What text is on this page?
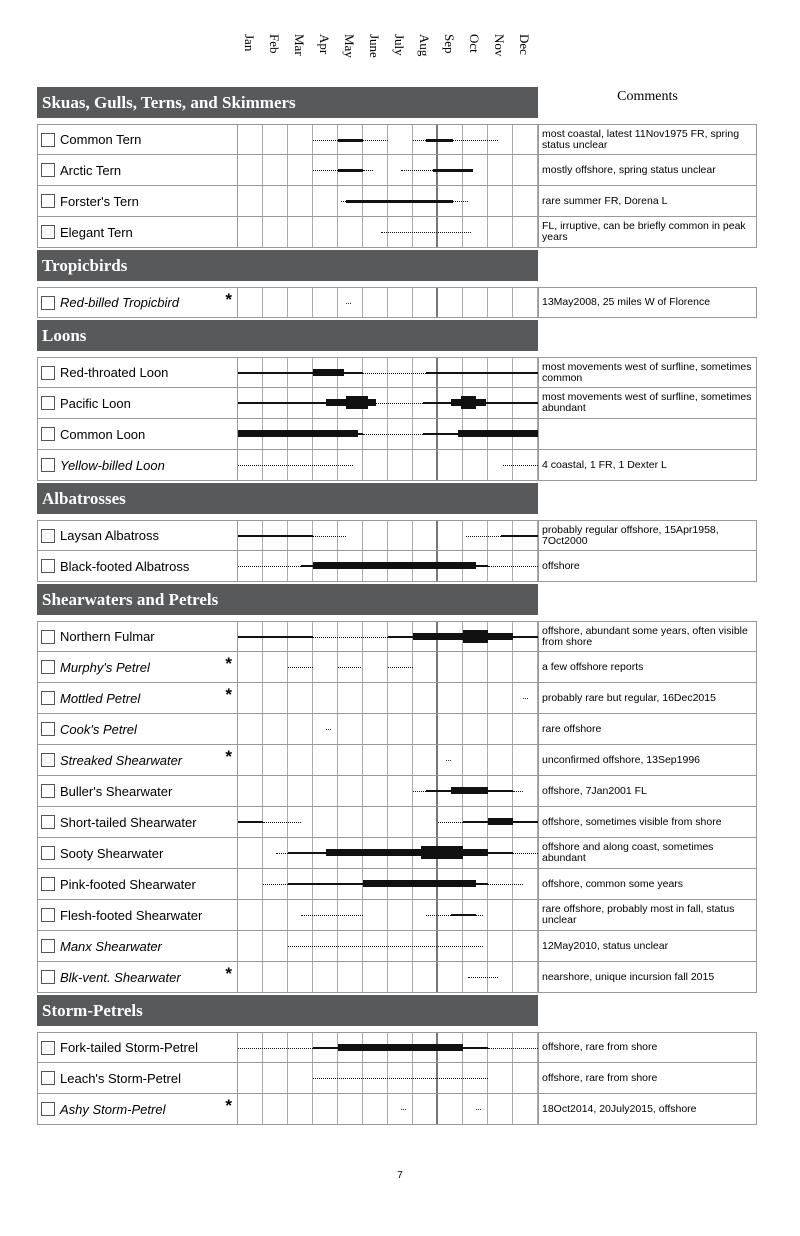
Jan Feb Mar Apr May June July Aug Sep Oct Nov Dec
Skuas, Gulls, Terns, and Skimmers	Comments
Common Tern	most coastal, latest 11Nov1975 FR, spring status unclear
Arctic Tern	mostly offshore, spring status unclear
Forster's Tern	rare summer FR, Dorena L
Elegant Tern	FL, irruptive, can be briefly common in peak years
Tropicbirds
Red-billed Tropicbird	*	13May2008, 25 miles W of Florence
Loons
Red-throated Loon	most movements west of surfline, sometimes common
Pacific Loon	most movements west of surfline, sometimes abundant
Common Loon
Yellow-billed Loon	4 coastal, 1 FR, 1 Dexter L
Albatrosses
Laysan Albatross	probably regular offshore, 15Apr1958, 7Oct2000
Black-footed Albatross	offshore
Shearwaters and Petrels
Northern Fulmar	offshore, abundant some years, often visible from shore
Murphy's Petrel	*	a few offshore reports
Mottled Petrel	*	probably rare but regular, 16Dec2015
Cook's Petrel	rare offshore
Streaked Shearwater	*	unconfirmed offshore, 13Sep1996
Buller's Shearwater	offshore, 7Jan2001 FL
Short-tailed Shearwater	offshore, sometimes visible from shore
Sooty Shearwater	offshore and along coast, sometimes abundant
Pink-footed Shearwater	offshore, common some years
Flesh-footed Shearwater	rare offshore, probably most in fall, status unclear
Manx Shearwater	12May2010, status unclear
Blk-vent. Shearwater	*	nearshore, unique incursion fall 2015
Storm-Petrels
Fork-tailed Storm-Petrel	offshore, rare from shore
Leach's Storm-Petrel	offshore, rare from shore
Ashy Storm-Petrel	*	18Oct2014, 20July2015, offshore
7
